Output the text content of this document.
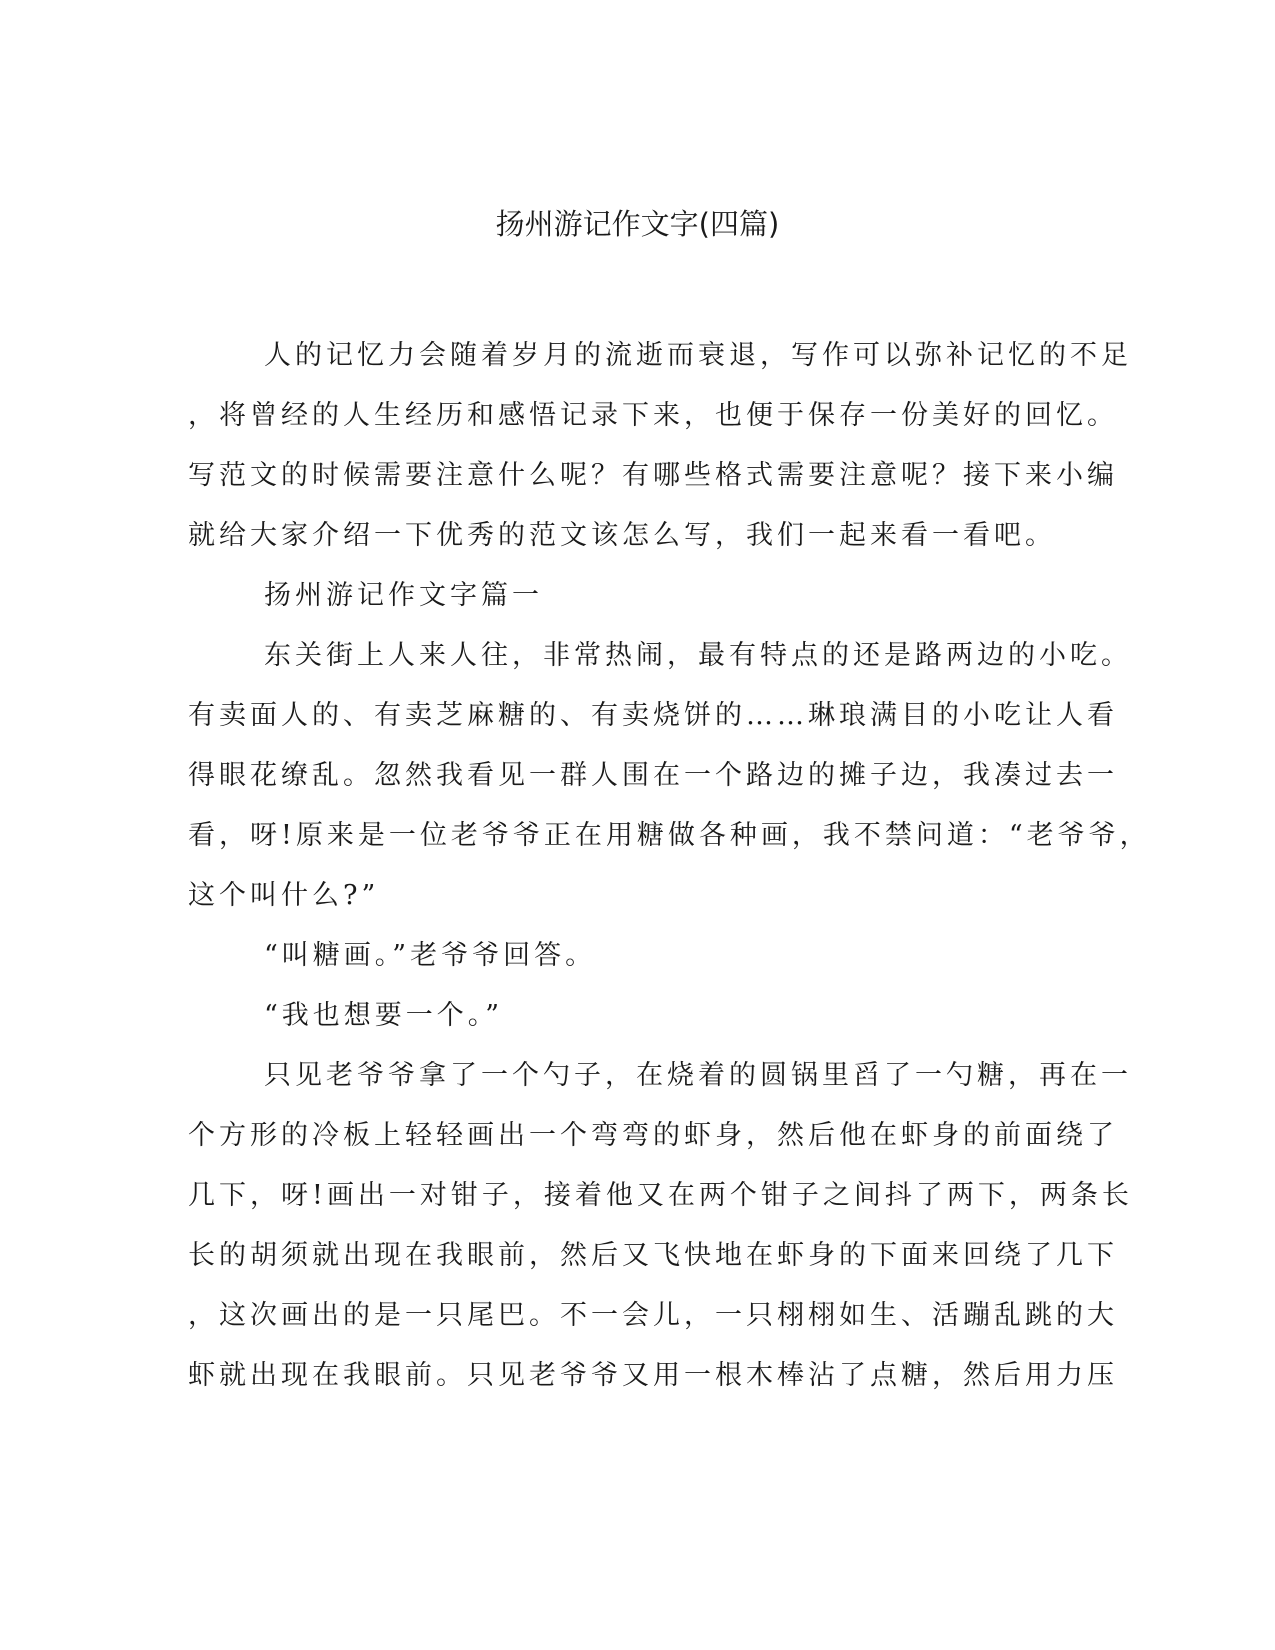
扬州游记作文字(四篇)
人的记忆力会随着岁月的流逝而衰退，写作可以弥补记忆的不足
，将曾经的人生经历和感悟记录下来，也便于保存一份美好的回忆。
写范文的时候需要注意什么呢？有哪些格式需要注意呢？接下来小编
就给大家介绍一下优秀的范文该怎么写，我们一起来看一看吧。
扬州游记作文字篇一
东关街上人来人往，非常热闹，最有特点的还是路两边的小吃。
有卖面人的、有卖芝麻糖的、有卖烧饼的……琳琅满目的小吃让人看
得眼花缭乱。忽然我看见一群人围在一个路边的摊子边，我凑过去一
看，呀!原来是一位老爷爷正在用糖做各种画，我不禁问道：“老爷爷，
这个叫什么?”
“叫糖画。”老爷爷回答。
“我也想要一个。”
只见老爷爷拿了一个勺子，在烧着的圆锅里舀了一勺糖，再在一
个方形的冷板上轻轻画出一个弯弯的虾身，然后他在虾身的前面绕了
几下，呀!画出一对钳子，接着他又在两个钳子之间抖了两下，两条长
长的胡须就出现在我眼前，然后又飞快地在虾身的下面来回绕了几下
，这次画出的是一只尾巴。不一会儿，一只栩栩如生、活蹦乱跳的大
虾就出现在我眼前。只见老爷爷又用一根木棒沾了点糖，然后用力压
